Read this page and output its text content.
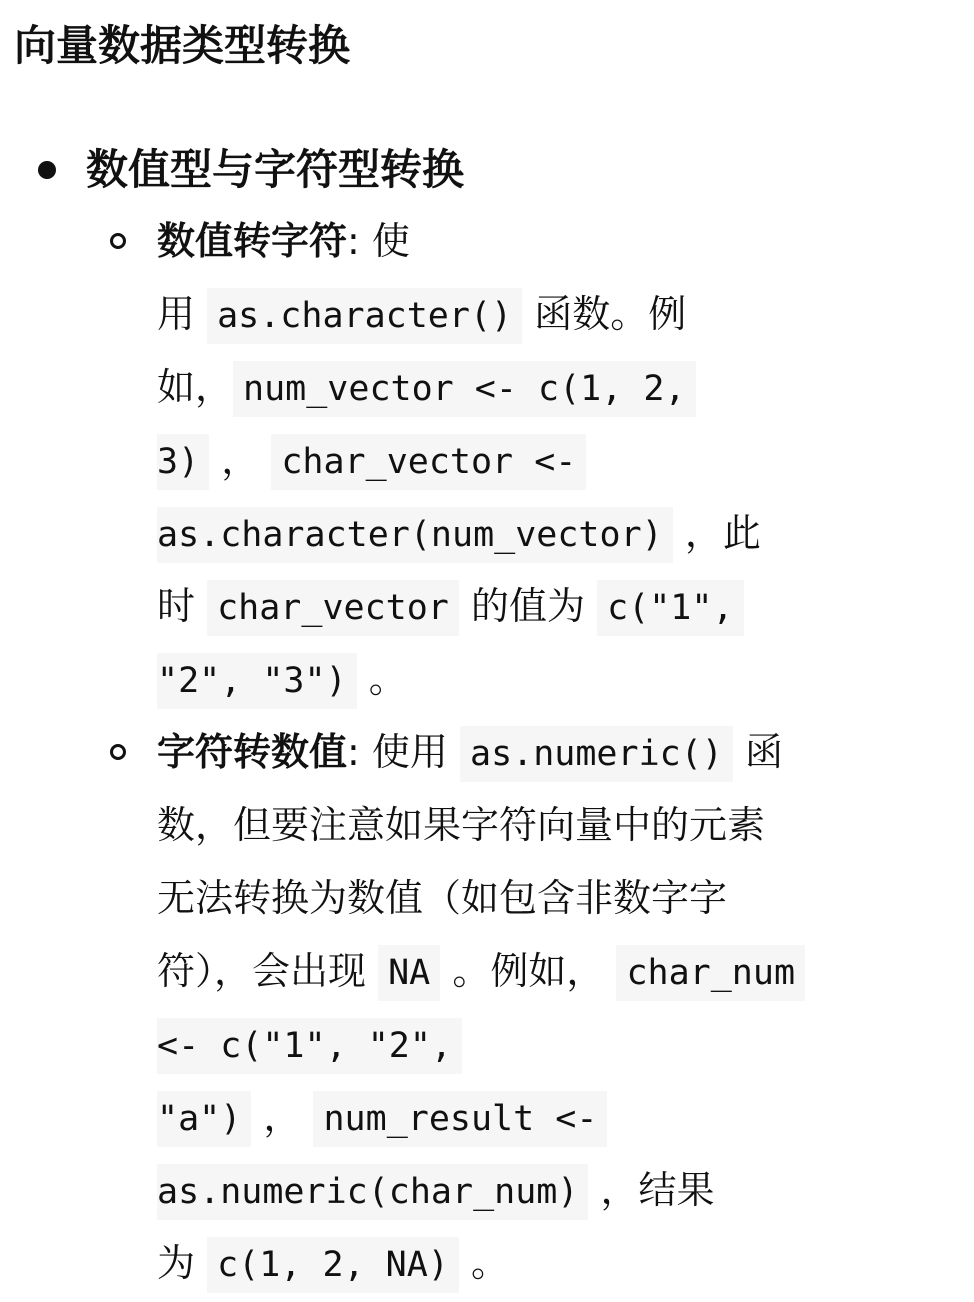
向量数据类型转换
数值型与字符型转换
数值转字符: 使
用 as.character() 函数。例
如， num_vector <- c(1, 2,
3) ， char_vector <-
as.character(num_vector) ，此
时 char_vector 的值为 c("1",
"2", "3") 。
字符转数值: 使用 as.numeric() 函
数，但要注意如果字符向量中的元素
无法转换为数值（如包含非数字字
符），会出现 NA 。例如， char_num
<- c("1", "2",
"a") ， num_result <-
as.numeric(char_num) ，结果
为 c(1, 2, NA) 。
